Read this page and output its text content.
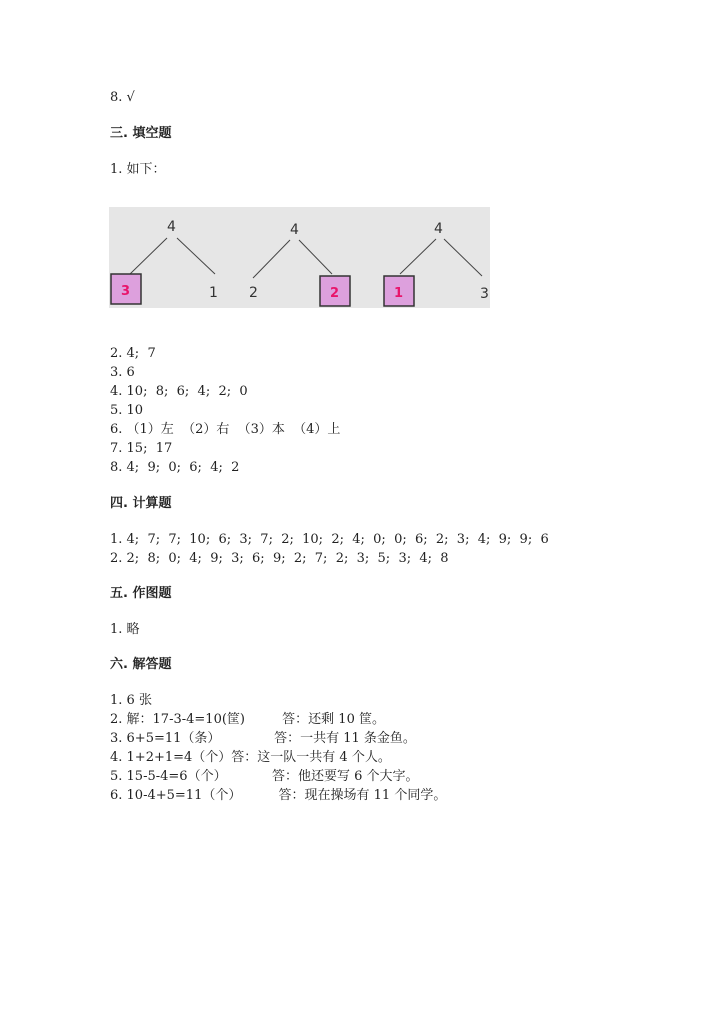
8. √
三. 填空题
1. 如下：
4
3	1
4
2	2
4
1	3
2. 4;  7
3. 6
4. 10;  8;  6;  4;  2;  0
5. 10
6. （1）左  （2）右  （3）本  （4）上
7. 15;  17
8. 4;  9;  0;  6;  4;  2
四. 计算题
1. 4;  7;  7;  10;  6;  3;  7;  2;  10;  2;  4;  0;  0;  6;  2;  3;  4;  9;  9;  6
2. 2;  8;  0;  4;  9;  3;  6;  9;  2;  7;  2;  3;  5;  3;  4;  8
五. 作图题
1. 略
六. 解答题
1. 6 张
2. 解：17-3-4=10(筐)         答：还剩 10 筐。
3. 6+5=11（条）             答：一共有 11 条金鱼。
4. 1+2+1=4（个）答：这一队一共有 4 个人。
5. 15-5-4=6（个）           答：他还要写 6 个大字。
6. 10-4+5=11（个）         答：现在操场有 11 个同学。
